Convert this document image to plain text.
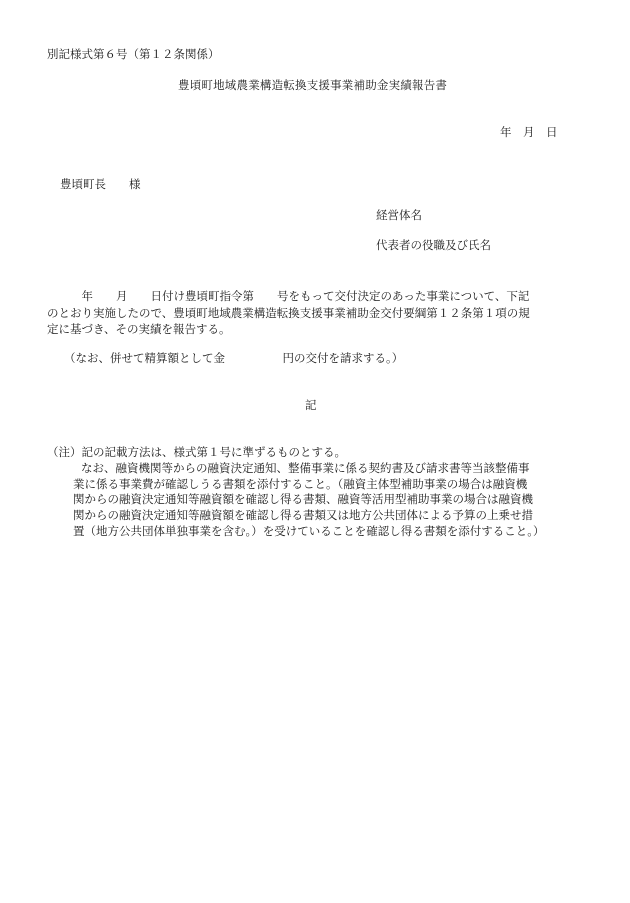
別記様式第６号（第１２条関係）
豊頃町地域農業構造転換支援事業補助金実績報告書
年　月　日
豊頃町長　　様
経営体名
代表者の役職及び氏名
　　　年　　月　　日付け豊頃町指令第　　号をもって交付決定のあった事業について、下記
のとおり実施したので、豊頃町地域農業構造転換支援事業補助金交付要綱第１２条第１項の規
定に基づき、その実績を報告する。
（なお、併せて精算額として金　　　　　円の交付を請求する。）
記
（注）記の記載方法は、様式第１号に準ずるものとする。
なお、融資機関等からの融資決定通知、整備事業に係る契約書及び請求書等当該整備事
業に係る事業費が確認しうる書類を添付すること。（融資主体型補助事業の場合は融資機
関からの融資決定通知等融資額を確認し得る書類、融資等活用型補助事業の場合は融資機
関からの融資決定通知等融資額を確認し得る書類又は地方公共団体による予算の上乗せ措
置（地方公共団体単独事業を含む。）を受けていることを確認し得る書類を添付すること。）
